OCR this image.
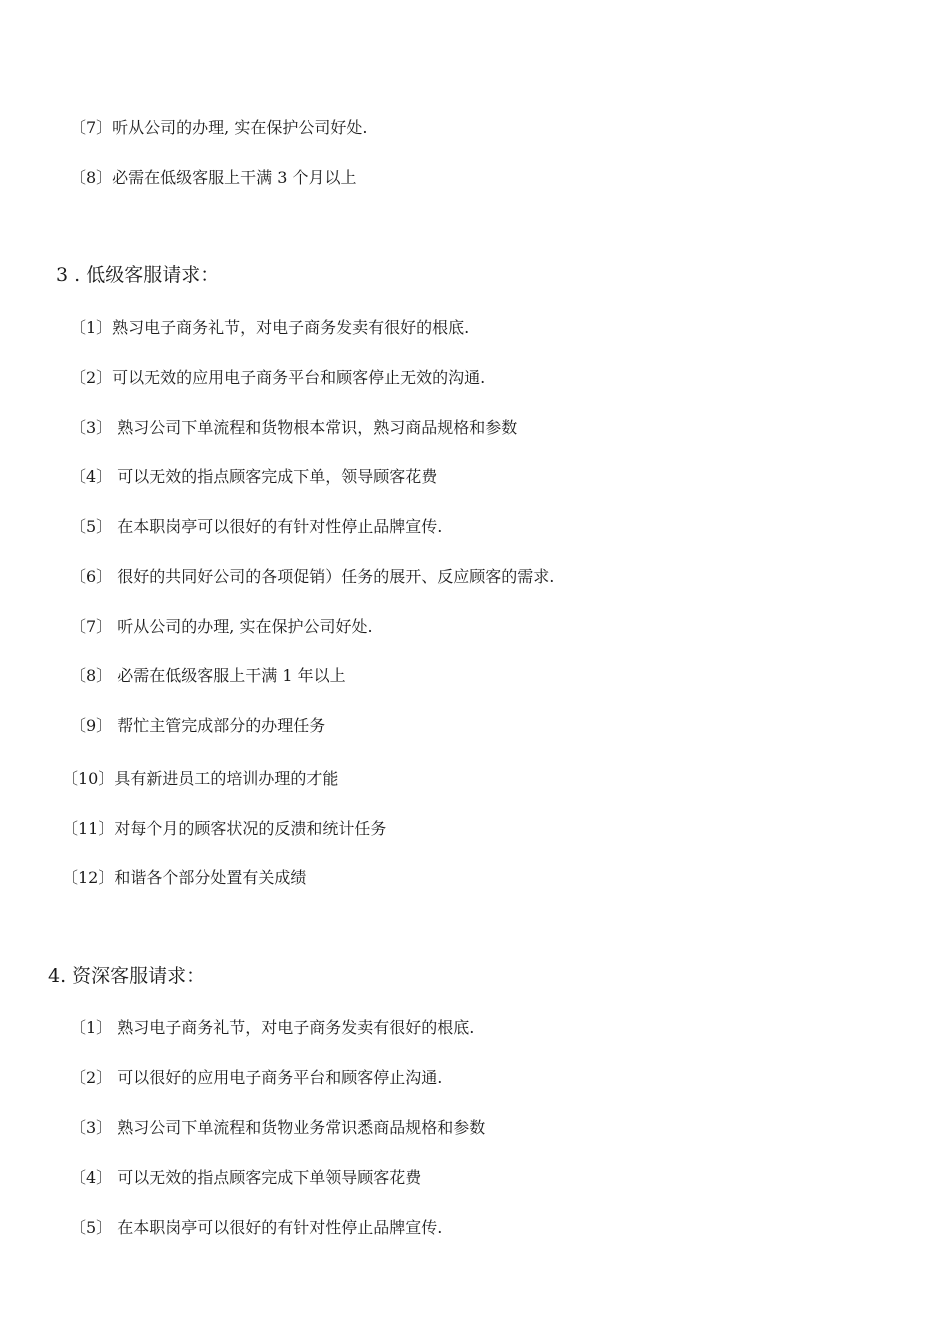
〔7〕听从公司的办理, 实在保护公司好处.
〔8〕必需在低级客服上干满 3 个月以上
3 . 低级客服请求：
〔1〕熟习电子商务礼节，对电子商务发卖有很好的根底.
〔2〕可以无效的应用电子商务平台和顾客停止无效的沟通.
〔3〕 熟习公司下单流程和货物根本常识，熟习商品规格和参数
〔4〕 可以无效的指点顾客完成下单，领导顾客花费
〔5〕 在本职岗亭可以很好的有针对性停止品牌宣传.
〔6〕 很好的共同好公司的各项促销）任务的展开、反应顾客的需求.
〔7〕 听从公司的办理, 实在保护公司好处.
〔8〕 必需在低级客服上干满 1 年以上
〔9〕 帮忙主管完成部分的办理任务
〔10〕具有新进员工的培训办理的才能
〔11〕对每个月的顾客状况的反溃和统计任务
〔12〕和谐各个部分处置有关成绩
4. 资深客服请求：
〔1〕 熟习电子商务礼节，对电子商务发卖有很好的根底.
〔2〕 可以很好的应用电子商务平台和顾客停止沟通.
〔3〕 熟习公司下单流程和货物业务常识悉商品规格和参数
〔4〕 可以无效的指点顾客完成下单领导顾客花费
〔5〕 在本职岗亭可以很好的有针对性停止品牌宣传.
